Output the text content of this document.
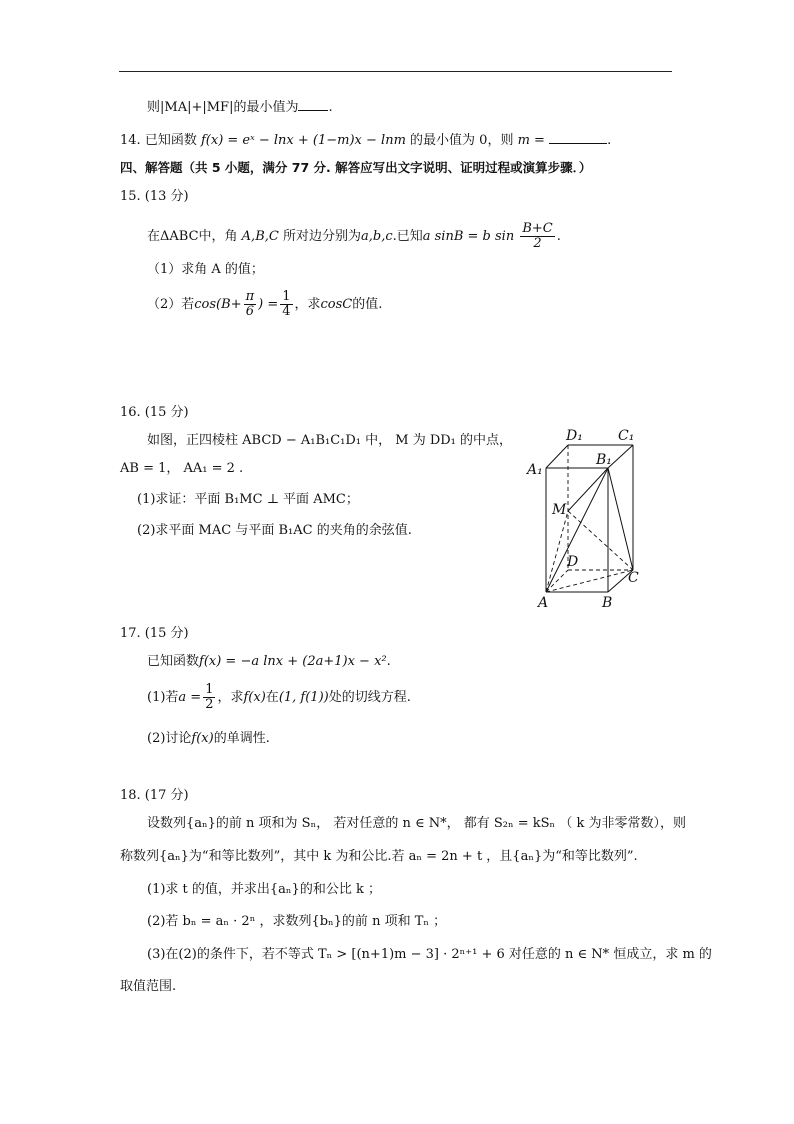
则|MA|+|MF|的最小值为 .
14. 已知函数 f(x) = eˣ − lnx + (1−m)x − lnm 的最小值为 0，则 m =	.
四、解答题（共 5 小题，满分 77 分. 解答应写出文字说明、证明过程或演算步骤．）
15. (13 分)
在ΔABC中，角 A,B,C 所对边分别为a,b,c.已知a sinB = b $\sin \frac{B+C}{2}$ .
（1）求角 A 的值；
（2）若$\cos(B+ \frac{\pi}{6}$ ) = $\frac{1}{4}$ ，求cosC的值.
16. (15 分)
如图，正四棱柱 ABCD − A₁B₁C₁D₁ 中， M 为 DD₁ 的中点，
AB = 1， AA₁ = 2 .
(1)求证：平面 B₁MC ⊥ 平面 AMC；
(2)求平面 MAC 与平面 B₁AC 的夹角的余弦值.
D₁	C₁
A₁
B₁
M
D
C
A	B
17. (15 分)
已知函数f(x) = −a lnx + (2a+1)x − x².
(1)若$a = \frac{1}{2}$ ，求f(x)在(1, f(1))处的切线方程.
(2)讨论f(x)的单调性.
18. (17 分)
设数列{aₙ}的前 n 项和为 Sₙ， 若对任意的 n ∈ N*， 都有 S₂ₙ = kSₙ （ k 为非零常数），则
称数列{aₙ}为“和等比数列”，其中 k 为和公比.若 aₙ = 2n + t ，且{aₙ}为“和等比数列”.
(1)求 t 的值，并求出{aₙ}的和公比 k ；
(2)若 bₙ = aₙ · 2ⁿ ，求数列{bₙ}的前 n 项和 Tₙ ；
(3)在(2)的条件下，若不等式 Tₙ > [(n+1)m − 3] · 2ⁿ⁺¹ + 6 对任意的 n ∈ N* 恒成立，求 m 的
取值范围.
